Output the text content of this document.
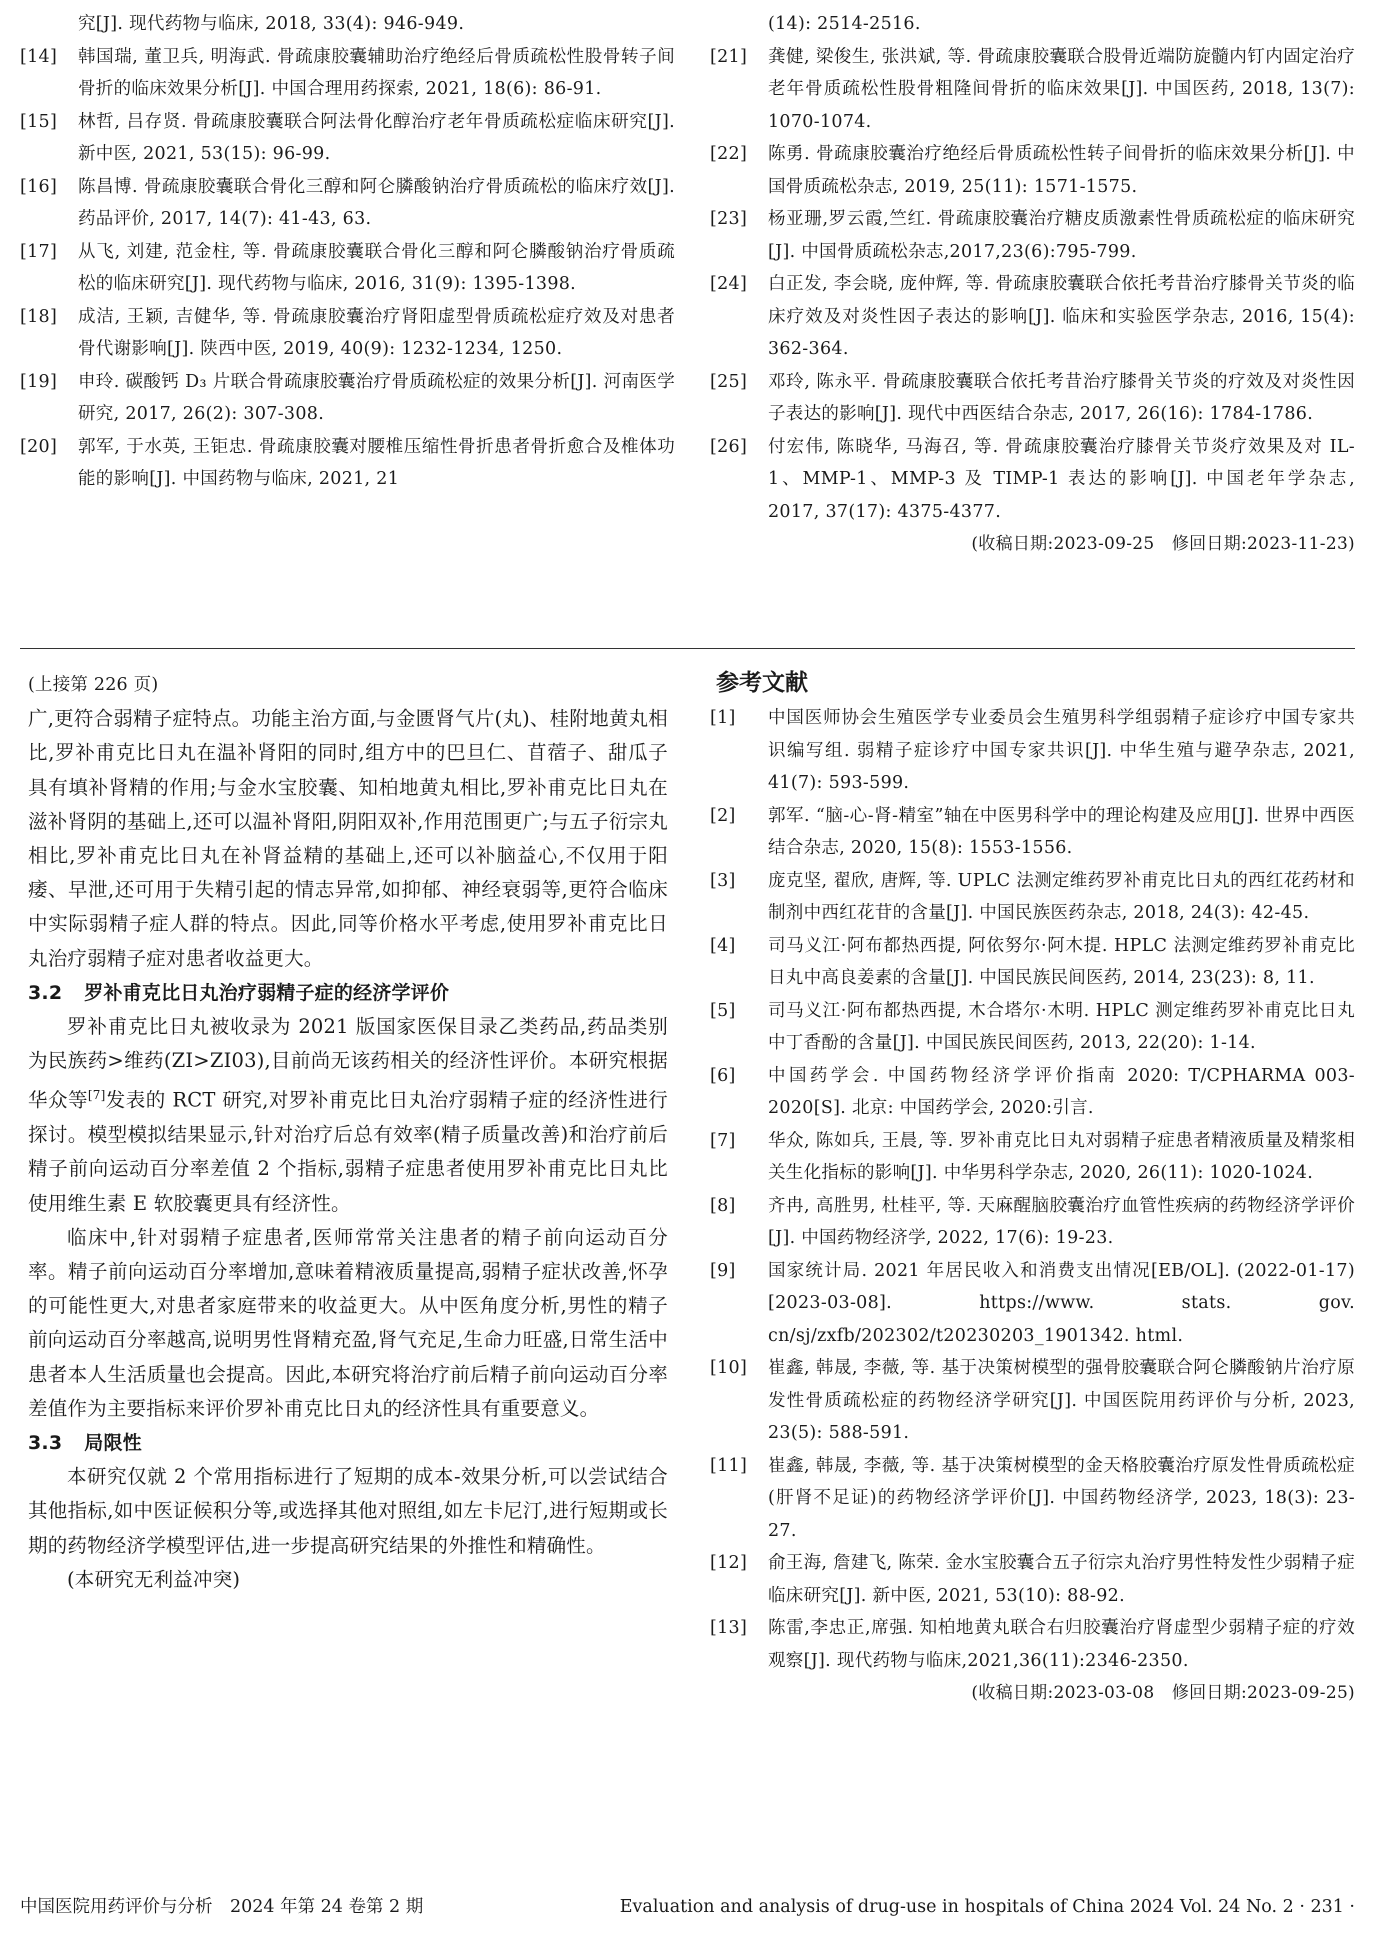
究[J]. 现代药物与临床, 2018, 33(4): 946-949.
[14]	韩国瑞, 董卫兵, 明海武. 骨疏康胶囊辅助治疗绝经后骨质疏松性股骨转子间骨折的临床效果分析[J]. 中国合理用药探索, 2021, 18(6): 86-91.
[15]	林哲, 吕存贤. 骨疏康胶囊联合阿法骨化醇治疗老年骨质疏松症临床研究[J]. 新中医, 2021, 53(15): 96-99.
[16]	陈昌博. 骨疏康胶囊联合骨化三醇和阿仑膦酸钠治疗骨质疏松的临床疗效[J]. 药品评价, 2017, 14(7): 41-43, 63.
[17]	从飞, 刘建, 范金柱, 等. 骨疏康胶囊联合骨化三醇和阿仑膦酸钠治疗骨质疏松的临床研究[J]. 现代药物与临床, 2016, 31(9): 1395-1398.
[18]	成洁, 王颖, 吉健华, 等. 骨疏康胶囊治疗肾阳虚型骨质疏松症疗效及对患者骨代谢影响[J]. 陕西中医, 2019, 40(9): 1232-1234, 1250.
[19]	申玲. 碳酸钙 D₃ 片联合骨疏康胶囊治疗骨质疏松症的效果分析[J]. 河南医学研究, 2017, 26(2): 307-308.
[20]	郭军, 于水英, 王钜忠. 骨疏康胶囊对腰椎压缩性骨折患者骨折愈合及椎体功能的影响[J]. 中国药物与临床, 2021, 21
(14): 2514-2516.
[21]	龚健, 梁俊生, 张洪斌, 等. 骨疏康胶囊联合股骨近端防旋髓内钉内固定治疗老年骨质疏松性股骨粗隆间骨折的临床效果[J]. 中国医药, 2018, 13(7): 1070-1074.
[22]	陈勇. 骨疏康胶囊治疗绝经后骨质疏松性转子间骨折的临床效果分析[J]. 中国骨质疏松杂志, 2019, 25(11): 1571-1575.
[23]	杨亚珊,罗云霞,竺红. 骨疏康胶囊治疗糖皮质激素性骨质疏松症的临床研究[J]. 中国骨质疏松杂志,2017,23(6):795-799.
[24]	白正发, 李会晓, 庞仲辉, 等. 骨疏康胶囊联合依托考昔治疗膝骨关节炎的临床疗效及对炎性因子表达的影响[J]. 临床和实验医学杂志, 2016, 15(4): 362-364.
[25]	邓玲, 陈永平. 骨疏康胶囊联合依托考昔治疗膝骨关节炎的疗效及对炎性因子表达的影响[J]. 现代中西医结合杂志, 2017, 26(16): 1784-1786.
[26]	付宏伟, 陈晓华, 马海召, 等. 骨疏康胶囊治疗膝骨关节炎疗效果及对 IL-1、MMP-1、MMP-3 及 TIMP-1 表达的影响[J]. 中国老年学杂志, 2017, 37(17): 4375-4377.
(收稿日期:2023-09-25　修回日期:2023-11-23)

(上接第 226 页)

广,更符合弱精子症特点。功能主治方面,与金匮肾气片(丸)、桂附地黄丸相比,罗补甫克比日丸在温补肾阳的同时,组方中的巴旦仁、苜蓿子、甜瓜子具有填补肾精的作用;与金水宝胶囊、知柏地黄丸相比,罗补甫克比日丸在滋补肾阴的基础上,还可以温补肾阳,阴阳双补,作用范围更广;与五子衍宗丸相比,罗补甫克比日丸在补肾益精的基础上,还可以补脑益心,不仅用于阳痿、早泄,还可用于失精引起的情志异常,如抑郁、神经衰弱等,更符合临床中实际弱精子症人群的特点。因此,同等价格水平考虑,使用罗补甫克比日丸治疗弱精子症对患者收益更大。

3.2 罗补甫克比日丸治疗弱精子症的经济学评价

罗补甫克比日丸被收录为 2021 版国家医保目录乙类药品,药品类别为民族药>维药(ZI>ZI03),目前尚无该药相关的经济性评价。本研究根据华众等[7]发表的 RCT 研究,对罗补甫克比日丸治疗弱精子症的经济性进行探讨。模型模拟结果显示,针对治疗后总有效率(精子质量改善)和治疗前后精子前向运动百分率差值 2 个指标,弱精子症患者使用罗补甫克比日丸比使用维生素 E 软胶囊更具有经济性。

临床中,针对弱精子症患者,医师常常关注患者的精子前向运动百分率。精子前向运动百分率增加,意味着精液质量提高,弱精子症状改善,怀孕的可能性更大,对患者家庭带来的收益更大。从中医角度分析,男性的精子前向运动百分率越高,说明男性肾精充盈,肾气充足,生命力旺盛,日常生活中患者本人生活质量也会提高。因此,本研究将治疗前后精子前向运动百分率差值作为主要指标来评价罗补甫克比日丸的经济性具有重要意义。

3.3 局限性

本研究仅就 2 个常用指标进行了短期的成本-效果分析,可以尝试结合其他指标,如中医证候积分等,或选择其他对照组,如左卡尼汀,进行短期或长期的药物经济学模型评估,进一步提高研究结果的外推性和精确性。

(本研究无利益冲突)

参考文献
[1]	中国医师协会生殖医学专业委员会生殖男科学组弱精子症诊疗中国专家共识编写组. 弱精子症诊疗中国专家共识[J]. 中华生殖与避孕杂志, 2021, 41(7): 593-599.
[2]	郭军. “脑-心-肾-精室”轴在中医男科学中的理论构建及应用[J]. 世界中西医结合杂志, 2020, 15(8): 1553-1556.
[3]	庞克坚, 翟欣, 唐辉, 等. UPLC 法测定维药罗补甫克比日丸的西红花药材和制剂中西红花苷的含量[J]. 中国民族医药杂志, 2018, 24(3): 42-45.
[4]	司马义江·阿布都热西提, 阿依努尔·阿木提. HPLC 法测定维药罗补甫克比日丸中高良姜素的含量[J]. 中国民族民间医药, 2014, 23(23): 8, 11.
[5]	司马义江·阿布都热西提, 木合塔尔·木明. HPLC 测定维药罗补甫克比日丸中丁香酚的含量[J]. 中国民族民间医药, 2013, 22(20): 1-14.
[6]	中国药学会. 中国药物经济学评价指南 2020: T/CPHARMA 003-2020[S]. 北京: 中国药学会, 2020:引言.
[7]	华众, 陈如兵, 王晨, 等. 罗补甫克比日丸对弱精子症患者精液质量及精浆相关生化指标的影响[J]. 中华男科学杂志, 2020, 26(11): 1020-1024.
[8]	齐冉, 高胜男, 杜桂平, 等. 天麻醒脑胶囊治疗血管性疾病的药物经济学评价[J]. 中国药物经济学, 2022, 17(6): 19-23.
[9]	国家统计局. 2021 年居民收入和消费支出情况[EB/OL]. (2022-01-17)[2023-03-08]. https://www. stats. gov. cn/sj/zxfb/202302/t20230203_1901342. html.
[10]	崔鑫, 韩晟, 李薇, 等. 基于决策树模型的强骨胶囊联合阿仑膦酸钠片治疗原发性骨质疏松症的药物经济学研究[J]. 中国医院用药评价与分析, 2023, 23(5): 588-591.
[11]	崔鑫, 韩晟, 李薇, 等. 基于决策树模型的金天格胶囊治疗原发性骨质疏松症(肝肾不足证)的药物经济学评价[J]. 中国药物经济学, 2023, 18(3): 23-27.
[12]	俞王海, 詹建飞, 陈荣. 金水宝胶囊合五子衍宗丸治疗男性特发性少弱精子症临床研究[J]. 新中医, 2021, 53(10): 88-92.
[13]	陈雷,李忠正,席强. 知柏地黄丸联合右归胶囊治疗肾虚型少弱精子症的疗效观察[J]. 现代药物与临床,2021,36(11):2346-2350.
(收稿日期:2023-03-08　修回日期:2023-09-25)
中国医院用药评价与分析　2024 年第 24 卷第 2 期	Evaluation and analysis of drug-use in hospitals of China 2024 Vol. 24 No. 2 · 231 ·
